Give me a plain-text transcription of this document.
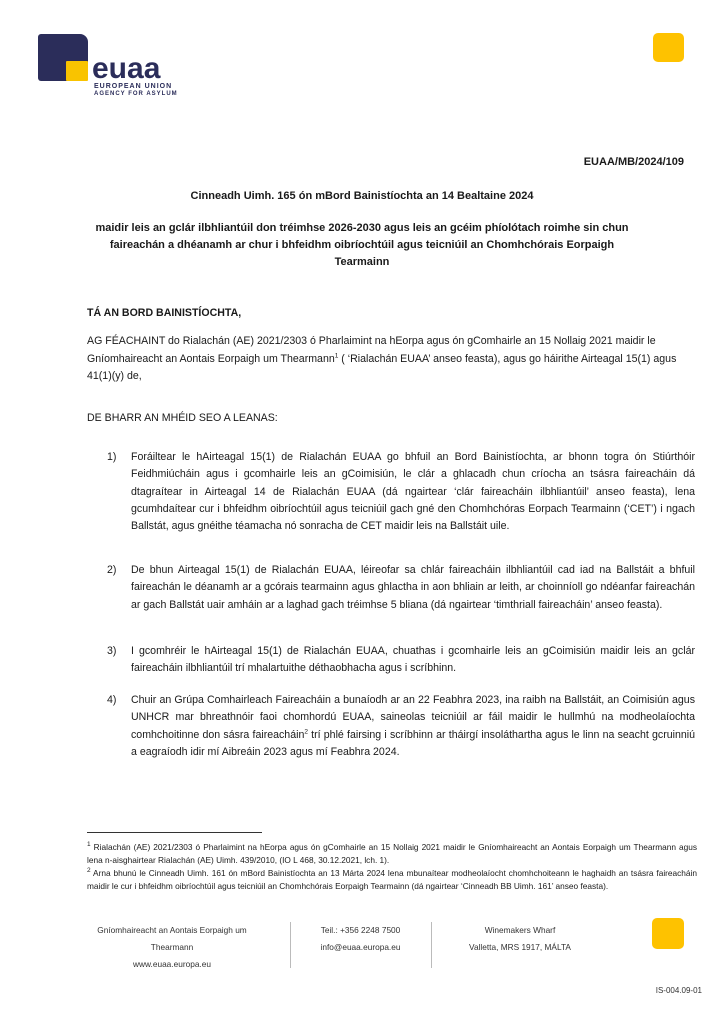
euaa
EUROPEAN UNION
AGENCY FOR ASYLUM
EUAA/MB/2024/109
Cinneadh Uimh. 165 ón mBord Bainistíochta an 14 Bealtaine 2024
maidir leis an gclár ilbhliantúil don tréimhse 2026-2030 agus leis an gcéim phíolótach roimhe sin chun faireachán a dhéanamh ar chur i bhfeidhm oibríochtúil agus teicniúil an Chomhchórais Eorpaigh Tearmainn
TÁ AN BORD BAINISTÍOCHTA,
AG FÉACHAINT do Rialachán (AE) 2021/2303 ó Pharlaimint na hEorpa agus ón gComhairle an 15 Nollaig 2021 maidir le Gníomhaireacht an Aontais Eorpaigh um Thearmann$^1$ ( ‘Rialachán EUAA’ anseo feasta), agus go háirithe Airteagal 15(1) agus 41(1)(y) de,
DE BHARR AN MHÉID SEO A LEANAS:
1) Foráiltear le hAirteagal 15(1) de Rialachán EUAA go bhfuil an Bord Bainistíochta, ar bhonn togra ón Stiúrthóir Feidhmiúcháin agus i gcomhairle leis an gCoimisiún, le clár a ghlacadh chun críocha an tsásra faireacháin dá dtagraítear in Airteagal 14 de Rialachán EUAA (dá ngairtear ‘clár faireacháin ilbhliantúil’ anseo feasta), lena gcumhdaítear cur i bhfeidhm oibríochtúil agus teicniúil gach gné den Chomhchóras Eorpach Tearmainn (‘CET’) i ngach Ballstát, agus gnéithe téamacha nó sonracha de CET maidir leis na Ballstáit uile.
2) De bhun Airteagal 15(1) de Rialachán EUAA, léireofar sa chlár faireacháin ilbhliantúil cad iad na Ballstáit a bhfuil faireachán le déanamh ar a gcórais tearmainn agus ghlactha in aon bhliain ar leith, ar choinníoll go ndéanfar faireachán ar gach Ballstát uair amháin ar a laghad gach tréimhse 5 bliana (dá ngairtear ‘timthriall faireacháin’ anseo feasta).
3) I gcomhréir le hAirteagal 15(1) de Rialachán EUAA, chuathas i gcomhairle leis an gCoimisiún maidir leis an gclár faireacháin ilbhliantúil trí mhalartuithe déthaobhacha agus i scríbhinn.
4) Chuir an Grúpa Comhairleach Faireacháin a bunaíodh ar an 22 Feabhra 2023, ina raibh na Ballstáit, an Coimisiún agus UNHCR mar bhreathnóir faoi chomhordú EUAA, saineolas teicniúil ar fáil maidir le hullmhú na modheolaíochta comhchoitinne don sásra faireacháin$^2$ trí phlé fairsing i scríbhinn ar tháirgí insoláthartha agus le linn na seacht gcruinniú a eagraíodh idir mí Aibreáin 2023 agus mí Feabhra 2024.
$^1$ Rialachán (AE) 2021/2303 ó Pharlaimint na hEorpa agus ón gComhairle an 15 Nollaig 2021 maidir le Gníomhaireacht an Aontais Eorpaigh um Thearmann agus lena n-aisghairtear Rialachán (AE) Uimh. 439/2010, (IO L 468, 30.12.2021, lch. 1).
$^2$ Arna bhunú le Cinneadh Uimh. 161 ón mBord Bainistíochta an 13 Márta 2024 lena mbunaítear modheolaíocht chomhchoiteann le haghaidh an tsásra faireacháin maidir le cur i bhfeidhm oibríochtúil agus teicniúil an Chomhchórais Eorpaigh Tearmainn (dá ngairtear ‘Cinneadh BB Uimh. 161’ anseo feasta).
Gníomhaireacht an Aontais Eorpaigh um
Thearmann
www.euaa.europa.eu
Teil.: +356 2248 7500
info@euaa.europa.eu
Winemakers Wharf
Valletta, MRS 1917, MÁLTA
IS-004.09-01
